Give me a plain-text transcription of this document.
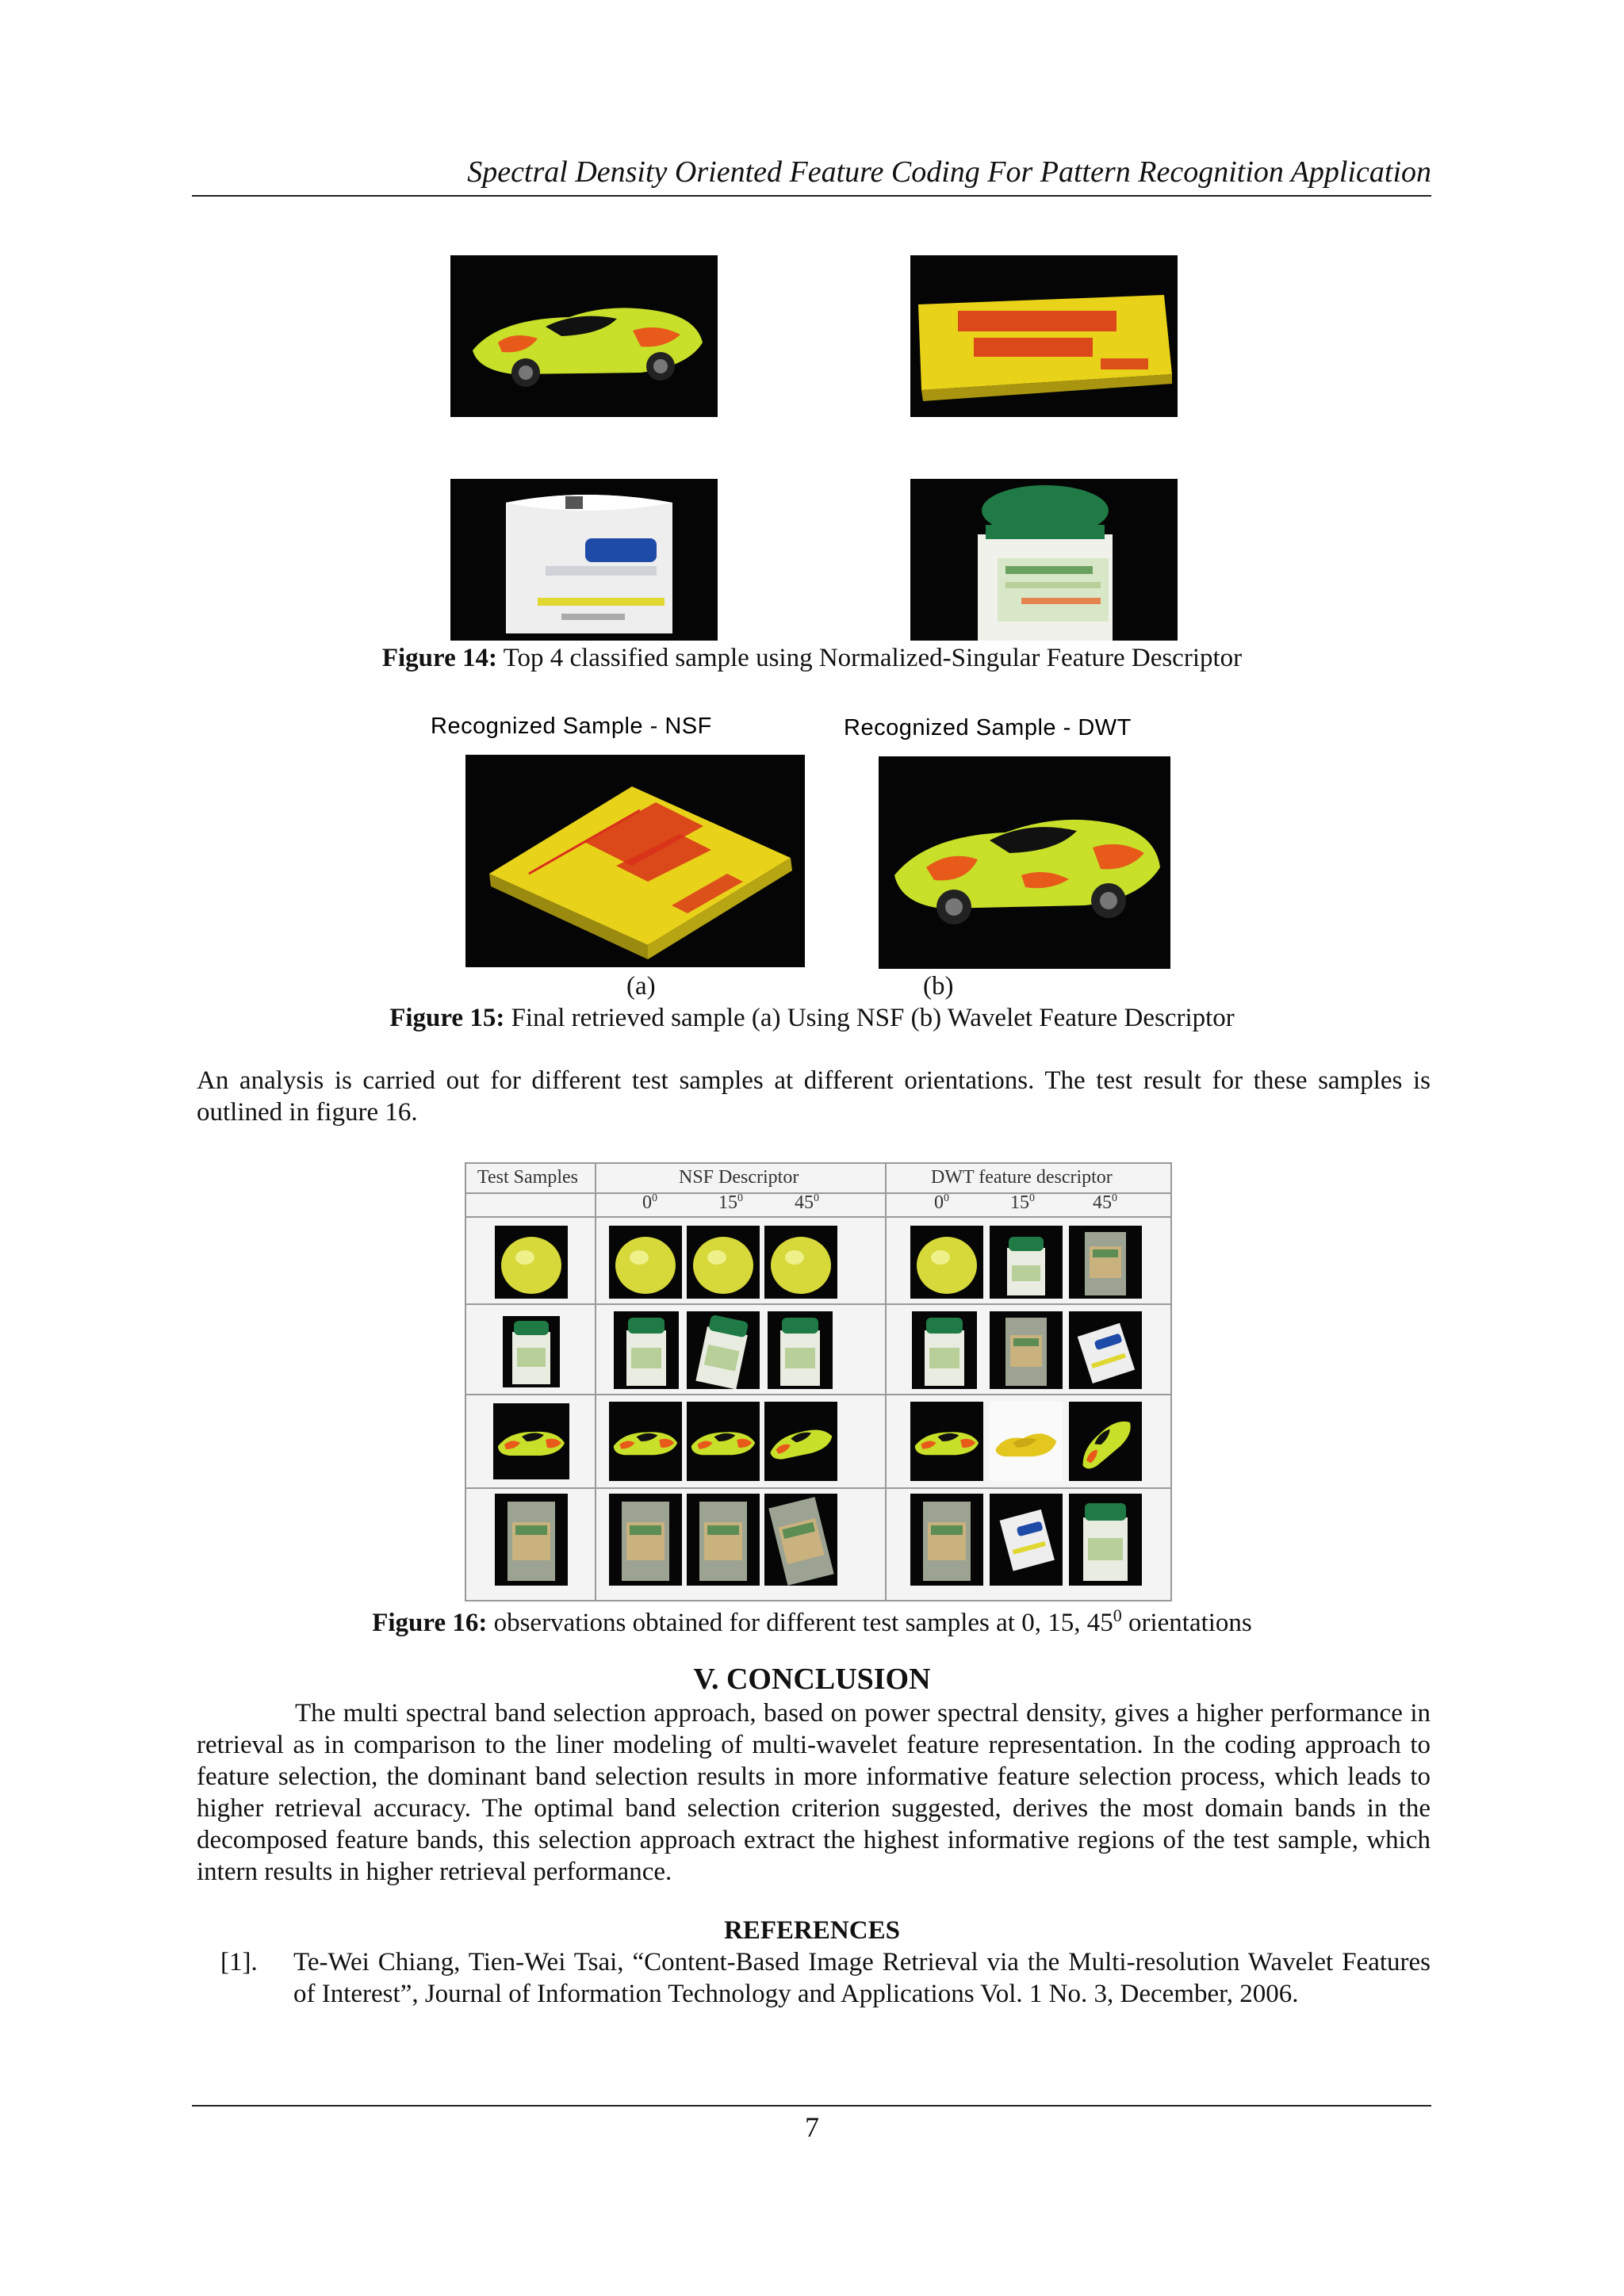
Spectral Density Oriented Feature Coding For Pattern Recognition Application
Figure 14: Top 4 classified sample using Normalized-Singular Feature Descriptor
Recognized Sample - NSF	Recognized Sample - DWT
(a)	(b)
Figure 15: Final retrieved sample (a) Using NSF (b) Wavelet Feature Descriptor
An analysis is carried out for different test samples at different orientations. The test result for these samples is outlined in figure 16.
Test Samples	NSF Descriptor	DWT feature descriptor
$0^0$	$15^0$	$45^0$	$0^0$	$15^0$	$45^0$
Figure 16: observations obtained for different test samples at 0, 15, $45^0$ orientations
V. CONCLUSION
The multi spectral band selection approach, based on power spectral density, gives a higher performance in retrieval as in comparison to the liner modeling of multi-wavelet feature representation. In the coding approach to feature selection, the dominant band selection results in more informative feature selection process, which leads to higher retrieval accuracy. The optimal band selection criterion suggested, derives the most domain bands in the decomposed feature bands, this selection approach extract the highest informative regions of the test sample, which intern results in higher retrieval performance.
REFERENCES
[1]. Te-Wei Chiang, Tien-Wei Tsai, “Content-Based Image Retrieval via the Multi-resolution Wavelet Features of Interest”, Journal of Information Technology and Applications Vol. 1 No. 3, December, 2006.
7
